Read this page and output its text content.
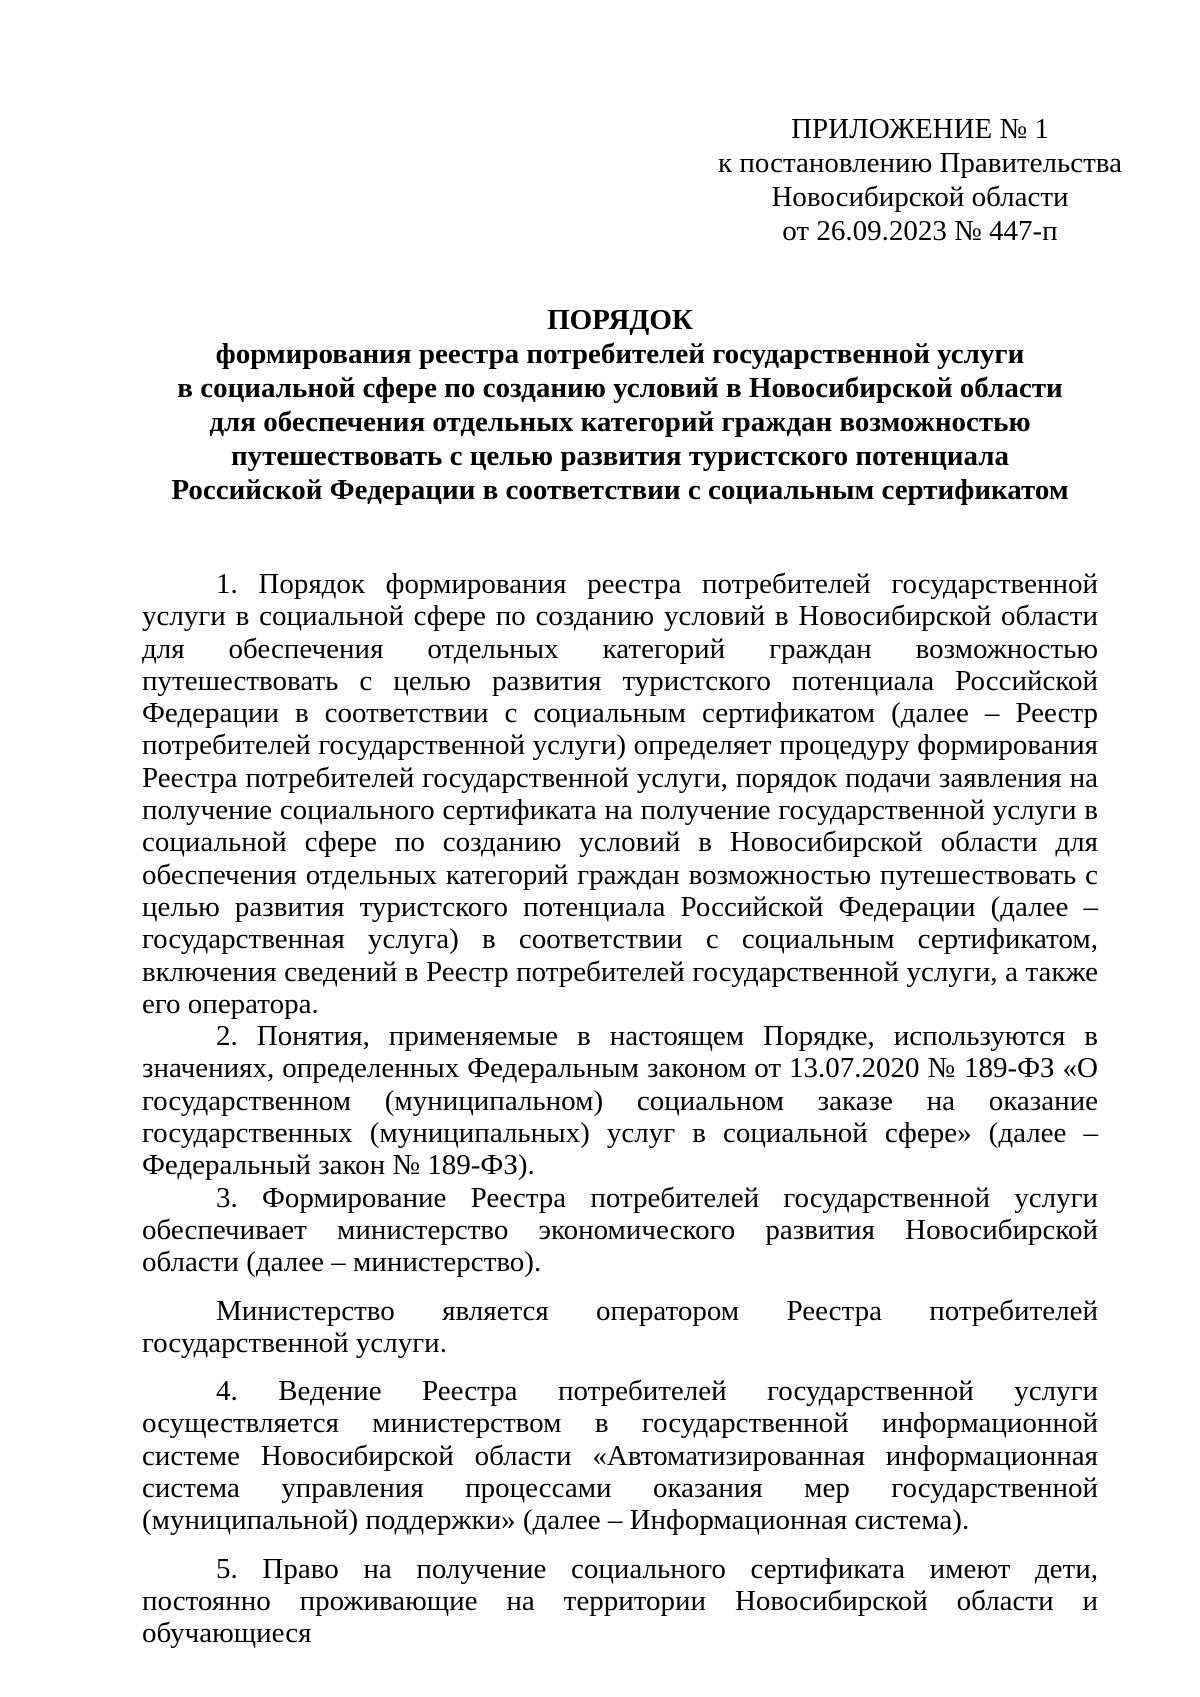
ПРИЛОЖЕНИЕ № 1
к постановлению Правительства
Новосибирской области
от 26.09.2023 № 447-п
ПОРЯДОК
формирования реестра потребителей государственной услуги
в социальной сфере по созданию условий в Новосибирской области
для обеспечения отдельных категорий граждан возможностью
путешествовать с целью развития туристского потенциала
Российской Федерации в соответствии с социальным сертификатом

1. Порядок формирования реестра потребителей государственной услуги в социальной сфере по созданию условий в Новосибирской области для обеспечения отдельных категорий граждан возможностью путешествовать с целью развития туристского потенциала Российской Федерации в соответствии с социальным сертификатом (далее – Реестр потребителей государственной услуги) определяет процедуру формирования Реестра потребителей государственной услуги, порядок подачи заявления на получение социального сертификата на получение государственной услуги в социальной сфере по созданию условий в Новосибирской области для обеспечения отдельных категорий граждан возможностью путешествовать с целью развития туристского потенциала Российской Федерации (далее – государственная услуга) в соответствии с социальным сертификатом, включения сведений в Реестр потребителей государственной услуги, а также его оператора.

2. Понятия, применяемые в настоящем Порядке, используются в значениях, определенных Федеральным законом от 13.07.2020 № 189-ФЗ «О государственном (муниципальном) социальном заказе на оказание государственных (муниципальных) услуг в социальной сфере» (далее – Федеральный закон № 189-ФЗ).

3. Формирование Реестра потребителей государственной услуги обеспечивает министерство экономического развития Новосибирской области (далее – министерство).

Министерство является оператором Реестра потребителей государственной услуги.

4. Ведение Реестра потребителей государственной услуги осуществляется министерством в государственной информационной системе Новосибирской области «Автоматизированная информационная система управления процессами оказания мер государственной (муниципальной) поддержки» (далее – Информационная система).

5. Право на получение социального сертификата имеют дети, постоянно проживающие на территории Новосибирской области и обучающиеся
